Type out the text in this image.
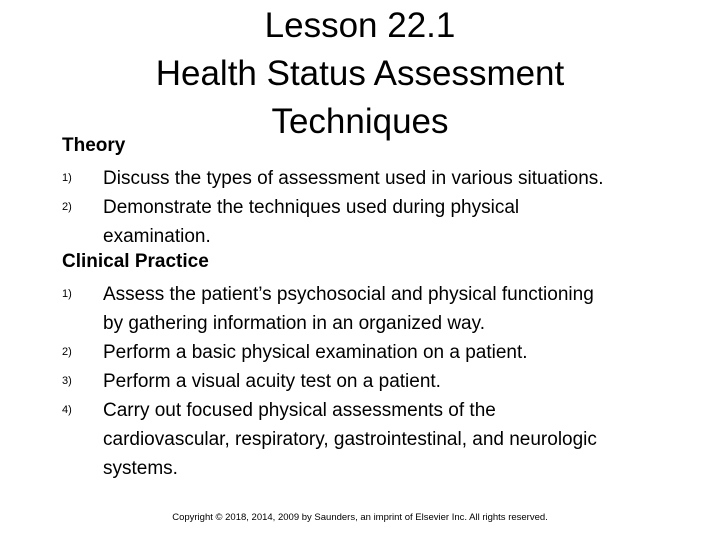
Lesson 22.1
Health Status Assessment
Techniques
Theory
1) Discuss the types of assessment used in various situations.
2) Demonstrate the techniques used during physical
examination.
Clinical Practice
1) Assess the patient’s psychosocial and physical functioning
by gathering information in an organized way.
2) Perform a basic physical examination on a patient.
3) Perform a visual acuity test on a patient.
4) Carry out focused physical assessments of the
cardiovascular, respiratory, gastrointestinal, and neurologic
systems.
Copyright © 2018, 2014, 2009 by Saunders, an imprint of Elsevier Inc. All rights reserved.
